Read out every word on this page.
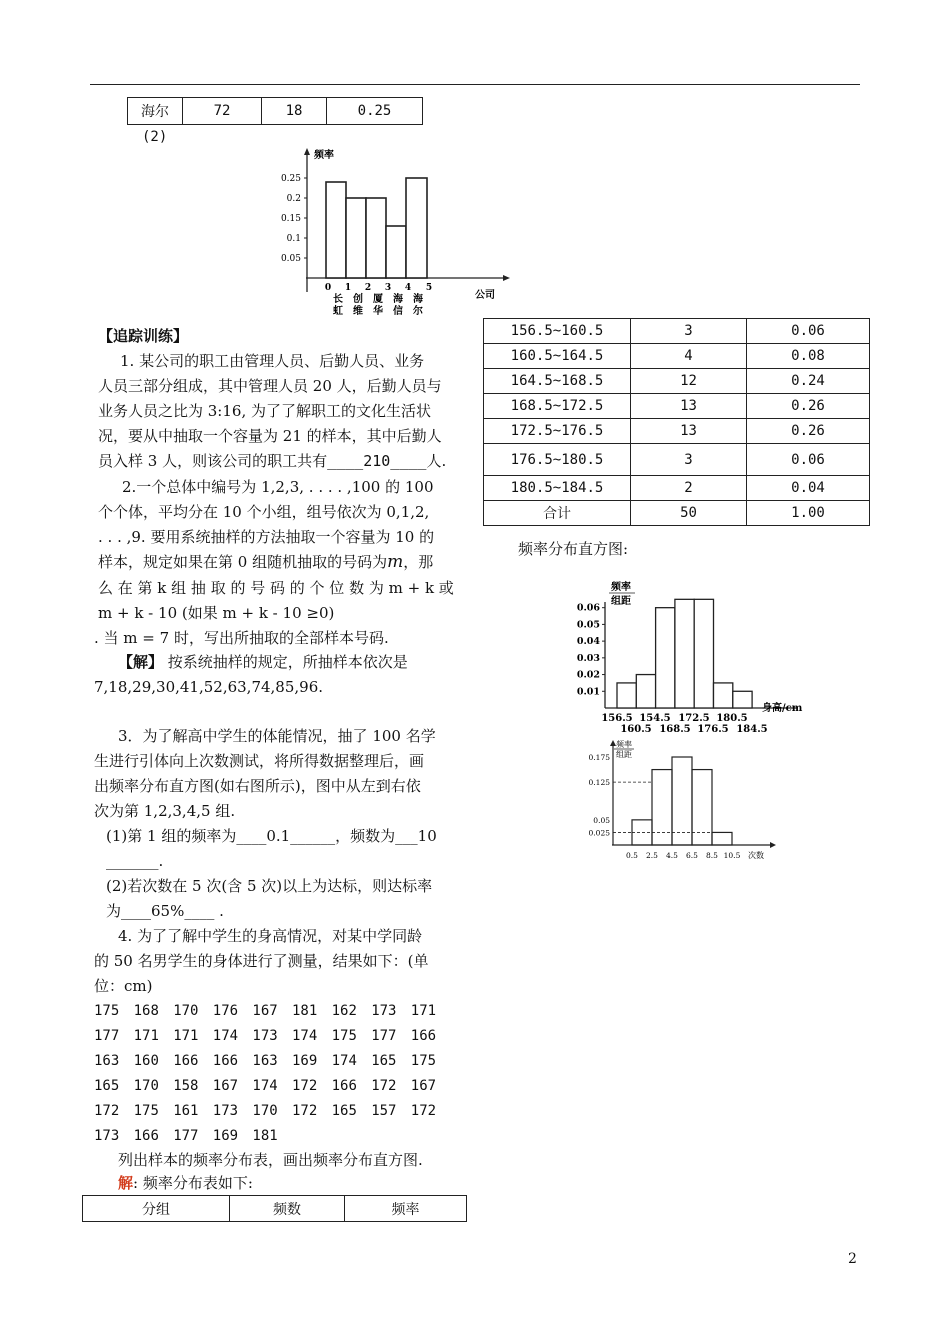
海尔	72	18	0.25
(2)
频率
0.25
0.2
0.15
0.1
0.05
0 1 2 3 4 5
长 创 厦 海 海
虹 维 华 信 尔
公司
【追踪训练】
1. 某公司的职工由管理人员、后勤人员、业务
人员三部分组成，其中管理人员 20 人，后勤人员与
业务人员之比为 3:16, 为了了解职工的文化生活状
况，要从中抽取一个容量为 21 的样本，其中后勤人
员入样 3 人，则该公司的职工共有____210____人.
2.一个总体中编号为 1,2,3, . . . . ,100 的 100
个个体，平均分在 10 个小组，组号依次为 0,1,2,
. . . ,9. 要用系统抽样的方法抽取一个容量为 10 的
样本，规定如果在第 0 组随机抽取的号码为m，那
么 在 第 k 组 抽 取 的 号 码 的 个 位 数 为 m + k 或
m + k - 10 (如果 m + k - 10 ≥0)
. 当 m = 7 时，写出所抽取的全部样本号码.
【解】 按系统抽样的规定，所抽样本依次是
7,18,29,30,41,52,63,74,85,96.
3．为了解高中学生的体能情况，抽了 100 名学
生进行引体向上次数测试，将所得数据整理后，画
出频率分布直方图(如右图所示)，图中从左到右依
次为第 1,2,3,4,5 组.
(1)第 1 组的频率为____0.1______，频数为___10
_______.
(2)若次数在 5 次(含 5 次)以上为达标，则达标率
为____65%____ .
4. 为了了解中学生的身高情况，对某中学同龄
的 50 名男学生的身体进行了测量，结果如下：(单
位：cm)
175 168 170 176 167 181 162 173 171
177 171 171 174 173 174 175 177 166
163 160 166 166 163 169 174 165 175
165 170 158 167 174 172 166 172 167
172 175 161 173 170 172 165 157 172
173 166 177 169 181
列出样本的频率分布表，画出频率分布直方图.
解: 频率分布表如下:
分组	频数	频率
156.5~160.5	3	0.06
160.5~164.5	4	0.08
164.5~168.5	12	0.24
168.5~172.5	13	0.26
172.5~176.5	13	0.26
176.5~180.5	3	0.06
180.5~184.5	2	0.04
合计	50	1.00
频率分布直方图:
频率
组距
0.06
0.05
0.04
0.03
0.02
0.01
156.5 154.5 172.5 180.5
160.5 168.5 176.5 184.5
身高/cm
频率
组距
0.175
0.125
0.05
0.025
0.5 2.5 4.5 6.5 8.5 10.5 次数
2
